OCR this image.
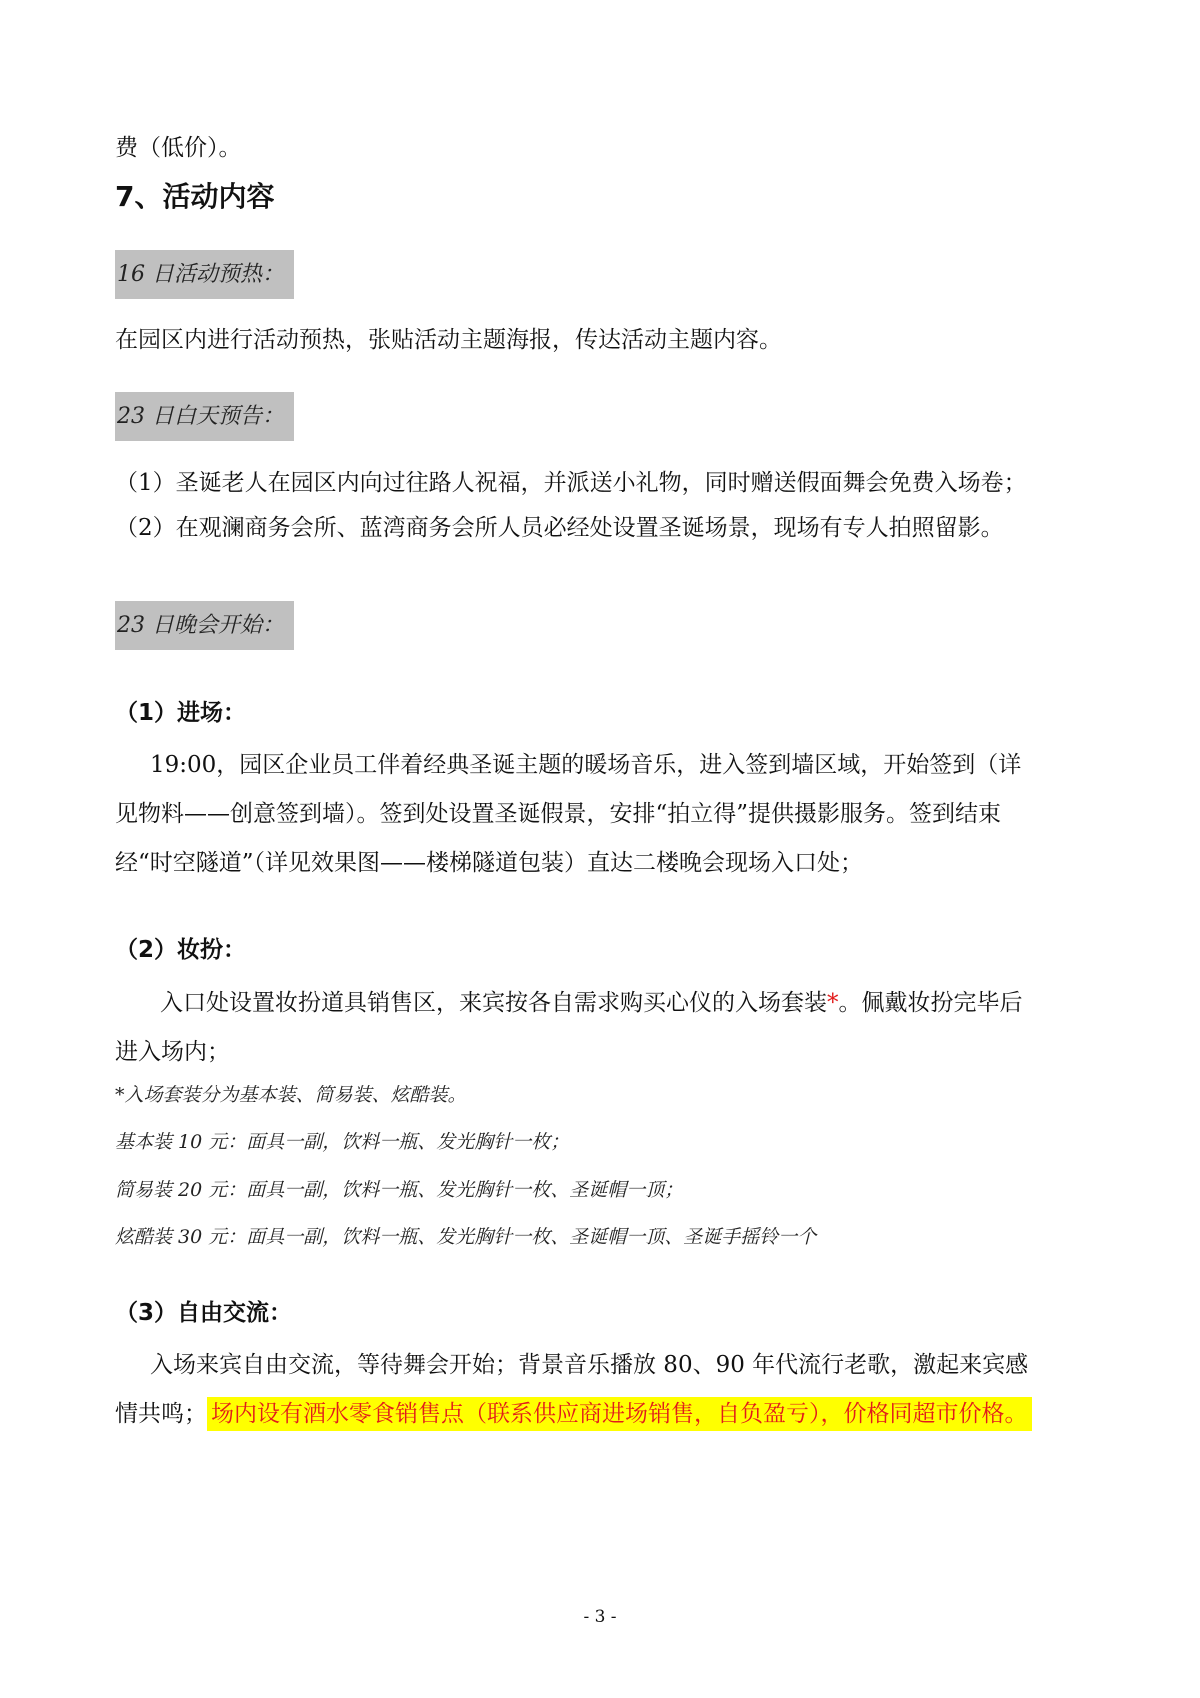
费（低价）。
7、活动内容
16 日活动预热：
在园区内进行活动预热，张贴活动主题海报，传达活动主题内容。
23 日白天预告：
（1）圣诞老人在园区内向过往路人祝福，并派送小礼物，同时赠送假面舞会免费入场卷；
（2）在观澜商务会所、蓝湾商务会所人员必经处设置圣诞场景，现场有专人拍照留影。
23 日晚会开始：
（1）进场：
19:00，园区企业员工伴着经典圣诞主题的暖场音乐，进入签到墙区域，开始签到（详
见物料——创意签到墙）。签到处设置圣诞假景，安排“拍立得”提供摄影服务。签到结束
经“时空隧道”（详见效果图——楼梯隧道包装）直达二楼晚会现场入口处；
（2）妆扮：
入口处设置妆扮道具销售区，来宾按各自需求购买心仪的入场套装*。佩戴妆扮完毕后
进入场内；
*入场套装分为基本装、简易装、炫酷装。
基本装 10 元：面具一副，饮料一瓶、发光胸针一枚；
简易装 20 元：面具一副，饮料一瓶、发光胸针一枚、圣诞帽一顶；
炫酷装 30 元：面具一副，饮料一瓶、发光胸针一枚、圣诞帽一顶、圣诞手摇铃一个
（3）自由交流：
入场来宾自由交流，等待舞会开始；背景音乐播放 80、90 年代流行老歌，激起来宾感
情共鸣； 场内设有酒水零食销售点（联系供应商进场销售，自负盈亏），价格同超市价格。
- 3 -
